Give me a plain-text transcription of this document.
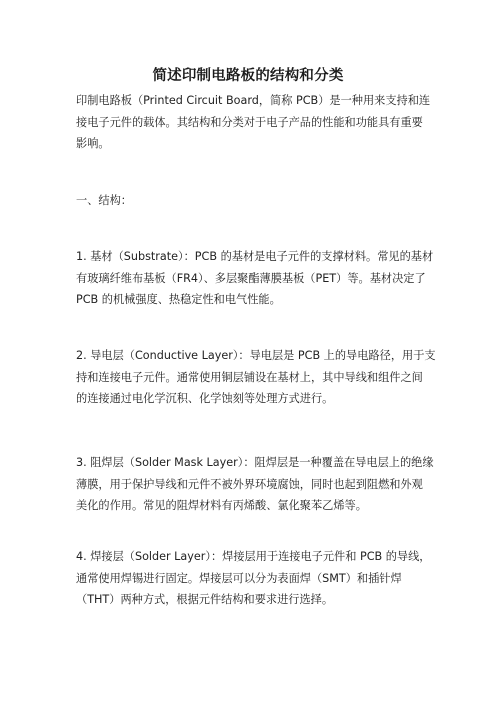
简述印制电路板的结构和分类
印制电路板（Printed Circuit Board，简称 PCB）是一种用来支持和连
接电子元件的载体。其结构和分类对于电子产品的性能和功能具有重要
影响。
一、结构：
1. 基材（Substrate）：PCB 的基材是电子元件的支撑材料。常见的基材
有玻璃纤维布基板（FR4）、多层聚酯薄膜基板（PET）等。基材决定了
PCB 的机械强度、热稳定性和电气性能。
2. 导电层（Conductive Layer）：导电层是 PCB 上的导电路径，用于支
持和连接电子元件。通常使用铜层铺设在基材上，其中导线和组件之间
的连接通过电化学沉积、化学蚀刻等处理方式进行。
3. 阻焊层（Solder Mask Layer）：阻焊层是一种覆盖在导电层上的绝缘
薄膜，用于保护导线和元件不被外界环境腐蚀，同时也起到阻燃和外观
美化的作用。常见的阻焊材料有丙烯酸、氯化聚苯乙烯等。
4. 焊接层（Solder Layer）：焊接层用于连接电子元件和 PCB 的导线，
通常使用焊锡进行固定。焊接层可以分为表面焊（SMT）和插针焊
（THT）两种方式，根据元件结构和要求进行选择。
